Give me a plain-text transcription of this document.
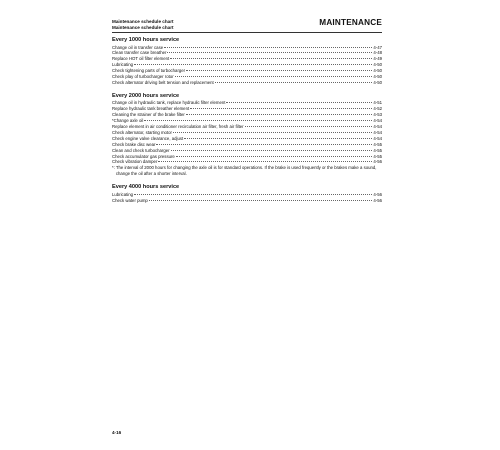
Maintenance schedule chart
Maintenance schedule chart
MAINTENANCE
Every 1000 hours service
Change oil in transfer case	4-47
Clean transfer case breather	4-48
Replace HOT oil filter element	4-49
Lubricating	4-50
Check tightening parts of turbocharger	4-50
Check play of turbocharger rotor	4-50
Check alternator driving belt tension and replacement	4-50
Every 2000 hours service
Change oil in hydraulic tank, replace hydraulic filter element	4-51
Replace hydraulic tank breather element	4-52
Cleaning the strainer of the brake filter	4-53
*Change axle oil	4-54
Replace element in air conditioner recirculation air filter, fresh air filter	4-54
Check alternator, starting motor	4-54
Check engine valve clearance, adjust	4-54
Check brake disc wear	4-55
Clean and check turbocharger	4-55
Check accumulator gas pressure	4-55
Check vibration damper	4-56
*: The interval of 2000 hours for changing the axle oil is for standard operations. If the brake is used frequently or the brakes make a sound, change the oil after a shorter interval.
Every 4000 hours service
Lubricating	4-56
Check water pump	4-56
4-16
